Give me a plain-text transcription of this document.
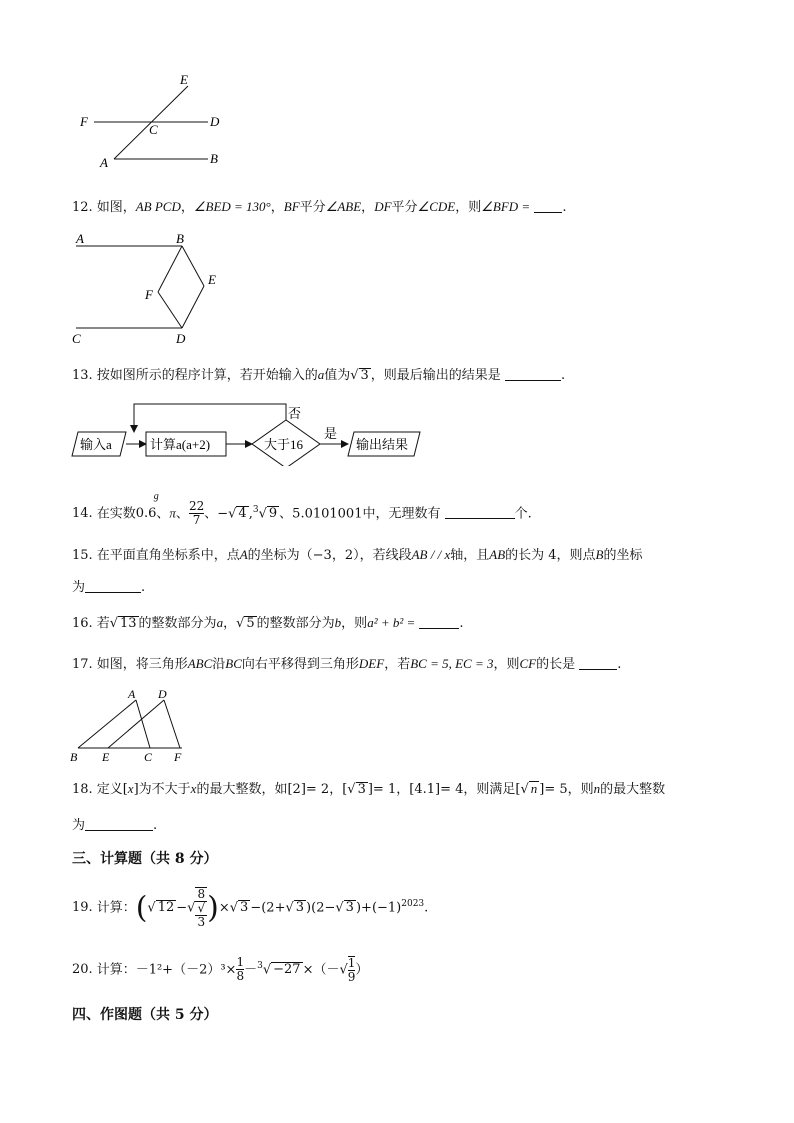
E
F
C
D
A	B
12. 如图，AB PCD，∠BED = 130°，BF平分∠ABE，DF平分∠CDE，则∠BFD = .
A	B
E
F
C	D
13. 按如图所示的程序计算，若开始输入的a值为√ 3 ，则最后输出的结果是	.
输入a	计算a(a+2)	大于16
否
是
输出结果
14. 在实数0.6
g
、π、 $\frac{22}{7}$ 、−√ 4 ,$^3$√ 9 、5.0101001中，无理数有	个.
15. 在平面直角坐标系中，点A的坐标为（−3，2），若线段AB / / x轴，且AB的长为 4，则点B的坐标
为	.
16. 若√ 13 的整数部分为a，√ 5 的整数部分为b，则a² + b² =	.
17. 如图，将三角形ABC沿BC向右平移得到三角形DEF，若BC = 5, EC = 3，则CF的长是	.
A D
B E	C F
18. 定义[x]为不大于x的最大整数，如[2]= 2，[√ 3 ]= 1，[4.1]= 4，则满足[√ n ]= 5，则n的最大整数
为	.
三、计算题（共 8 分）
19. 计算：(√ 12 −√ 8
√
3 )×√ 3 −(2+√ 3 )(2−√ 3 )$+(-1)^{2023}$.
20. 计算：$-1^2+(-2)^3\times \frac{1}{8} -^3√ -27$ ×（－√ $\frac{1}{9}$ ）
四、作图题（共 5 分）
